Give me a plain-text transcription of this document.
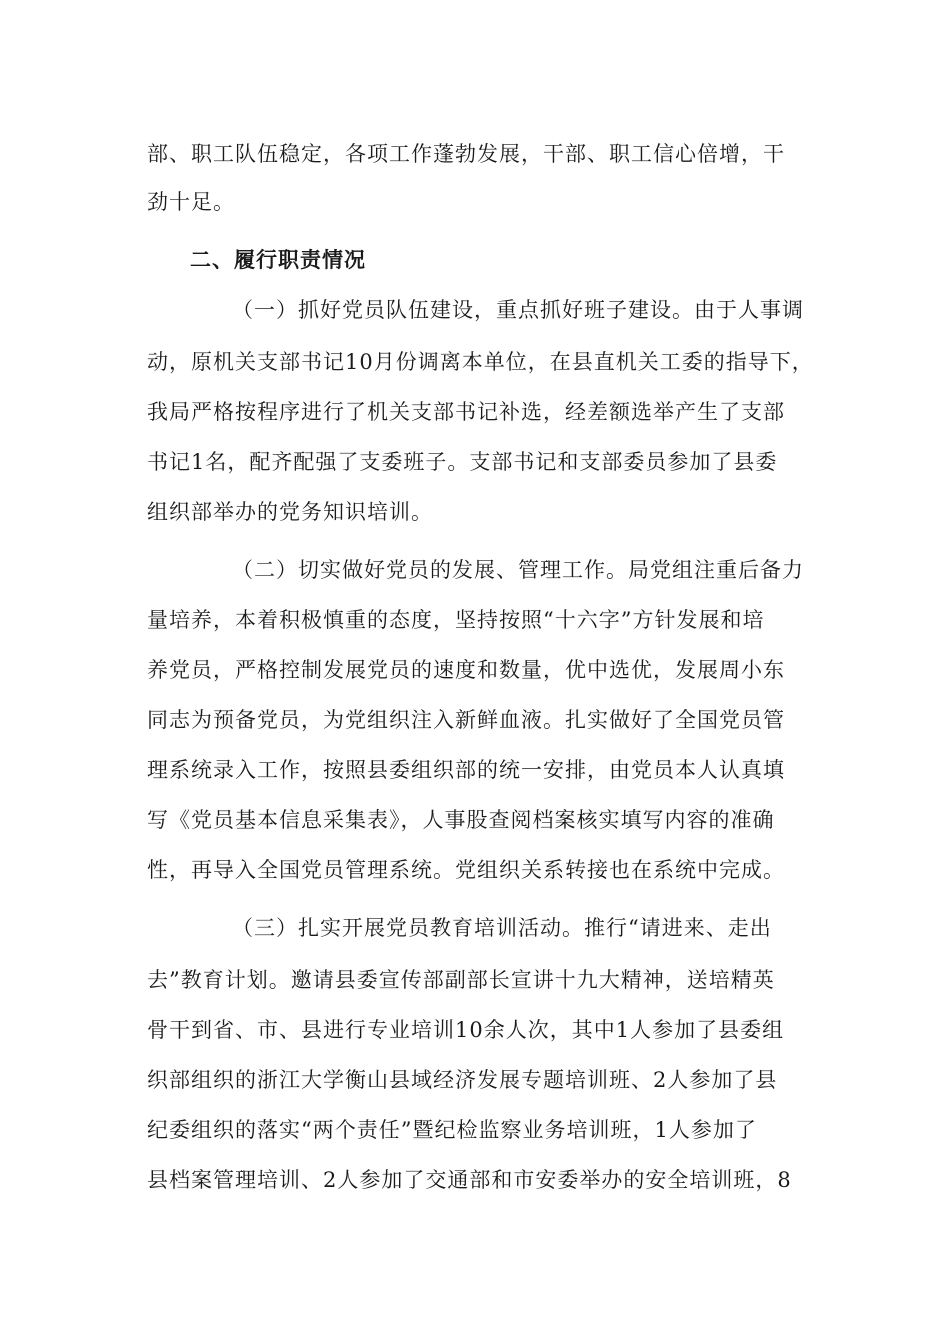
部、职工队伍稳定，各项工作蓬勃发展，干部、职工信心倍增，干
劲十足。
二、履行职责情况
（一）抓好党员队伍建设，重点抓好班子建设。由于人事调
动，原机关支部书记10月份调离本单位，在县直机关工委的指导下，
我局严格按程序进行了机关支部书记补选，经差额选举产生了支部
书记1名，配齐配强了支委班子。支部书记和支部委员参加了县委
组织部举办的党务知识培训。
（二）切实做好党员的发展、管理工作。局党组注重后备力
量培养，本着积极慎重的态度，坚持按照“十六字”方针发展和培
养党员，严格控制发展党员的速度和数量，优中选优，发展周小东
同志为预备党员，为党组织注入新鲜血液。扎实做好了全国党员管
理系统录入工作，按照县委组织部的统一安排，由党员本人认真填
写《党员基本信息采集表》，人事股查阅档案核实填写内容的准确
性，再导入全国党员管理系统。党组织关系转接也在系统中完成。
（三）扎实开展党员教育培训活动。推行“请进来、走出
去”教育计划。邀请县委宣传部副部长宣讲十九大精神，送培精英
骨干到省、市、县进行专业培训10余人次，其中1人参加了县委组
织部组织的浙江大学衡山县域经济发展专题培训班、2人参加了县
纪委组织的落实“两个责任”暨纪检监察业务培训班，1人参加了
县档案管理培训、2人参加了交通部和市安委举办的安全培训班，8
